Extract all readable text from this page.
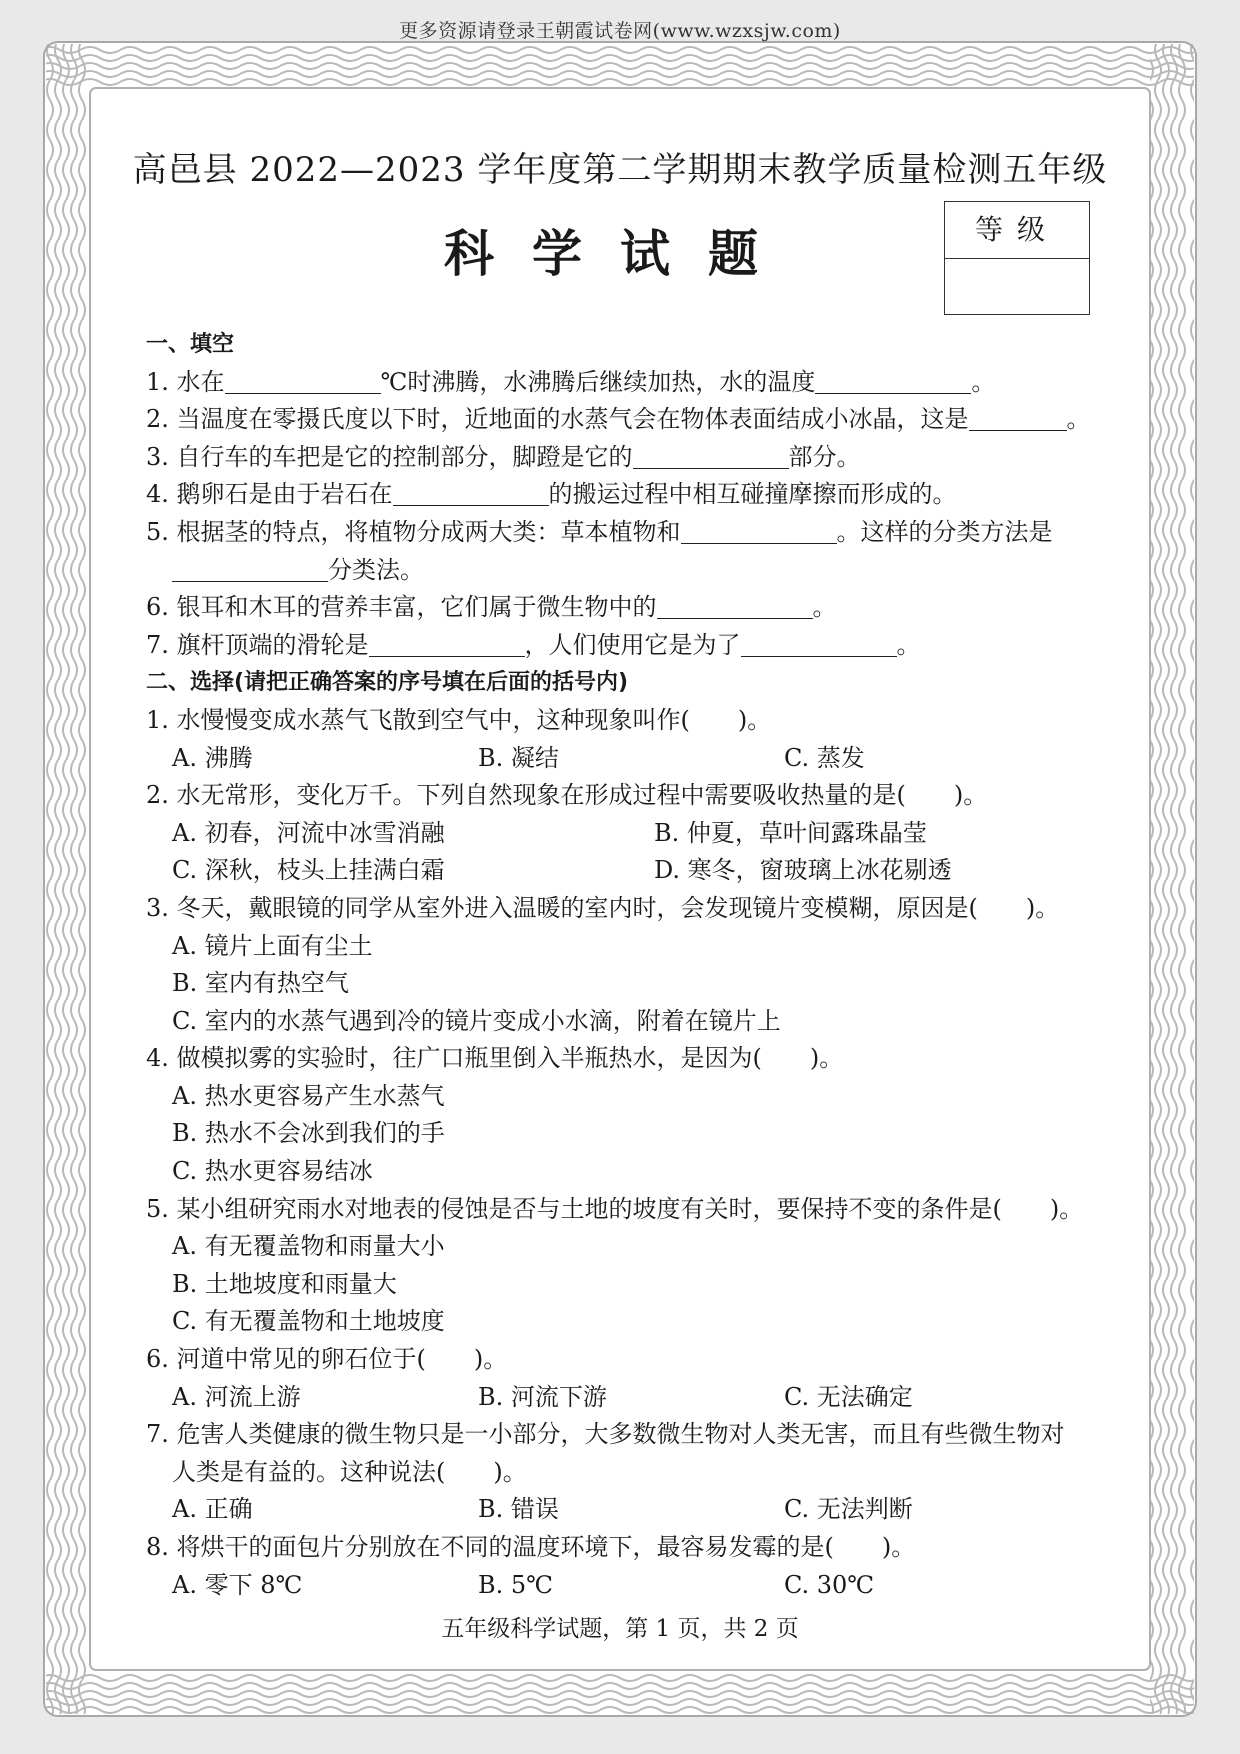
更多资源请登录王朝霞试卷网(www.wzxsjw.com)
高邑县 2022—2023 学年度第二学期期末教学质量检测五年级
科学试题	等级
一、填空
1. 水在	℃时沸腾，水沸腾后继续加热，水的温度	。
2. 当温度在零摄氏度以下时，近地面的水蒸气会在物体表面结成小冰晶，这是	。
3. 自行车的车把是它的控制部分，脚蹬是它的	部分。
4. 鹅卵石是由于岩石在	的搬运过程中相互碰撞摩擦而形成的。
5. 根据茎的特点，将植物分成两大类：草本植物和	。这样的分类方法是
分类法。
6. 银耳和木耳的营养丰富，它们属于微生物中的	。
7. 旗杆顶端的滑轮是	，人们使用它是为了	。
二、选择(请把正确答案的序号填在后面的括号内)
1. 水慢慢变成水蒸气飞散到空气中，这种现象叫作(　　)。
A. 沸腾	B. 凝结	C. 蒸发
2. 水无常形，变化万千。下列自然现象在形成过程中需要吸收热量的是(　　)。
A. 初春，河流中冰雪消融	B. 仲夏，草叶间露珠晶莹
C. 深秋，枝头上挂满白霜	D. 寒冬，窗玻璃上冰花剔透
3. 冬天，戴眼镜的同学从室外进入温暖的室内时，会发现镜片变模糊，原因是(　　)。
A. 镜片上面有尘土
B. 室内有热空气
C. 室内的水蒸气遇到冷的镜片变成小水滴，附着在镜片上
4. 做模拟雾的实验时，往广口瓶里倒入半瓶热水，是因为(　　)。
A. 热水更容易产生水蒸气
B. 热水不会冰到我们的手
C. 热水更容易结冰
5. 某小组研究雨水对地表的侵蚀是否与土地的坡度有关时，要保持不变的条件是(　　)。
A. 有无覆盖物和雨量大小
B. 土地坡度和雨量大
C. 有无覆盖物和土地坡度
6. 河道中常见的卵石位于(　　)。
A. 河流上游	B. 河流下游	C. 无法确定
7. 危害人类健康的微生物只是一小部分，大多数微生物对人类无害，而且有些微生物对
人类是有益的。这种说法(　　)。
A. 正确	B. 错误	C. 无法判断
8. 将烘干的面包片分别放在不同的温度环境下，最容易发霉的是(　　)。
A. 零下 8℃	B. 5℃	C. 30℃
五年级科学试题，第 1 页，共 2 页
